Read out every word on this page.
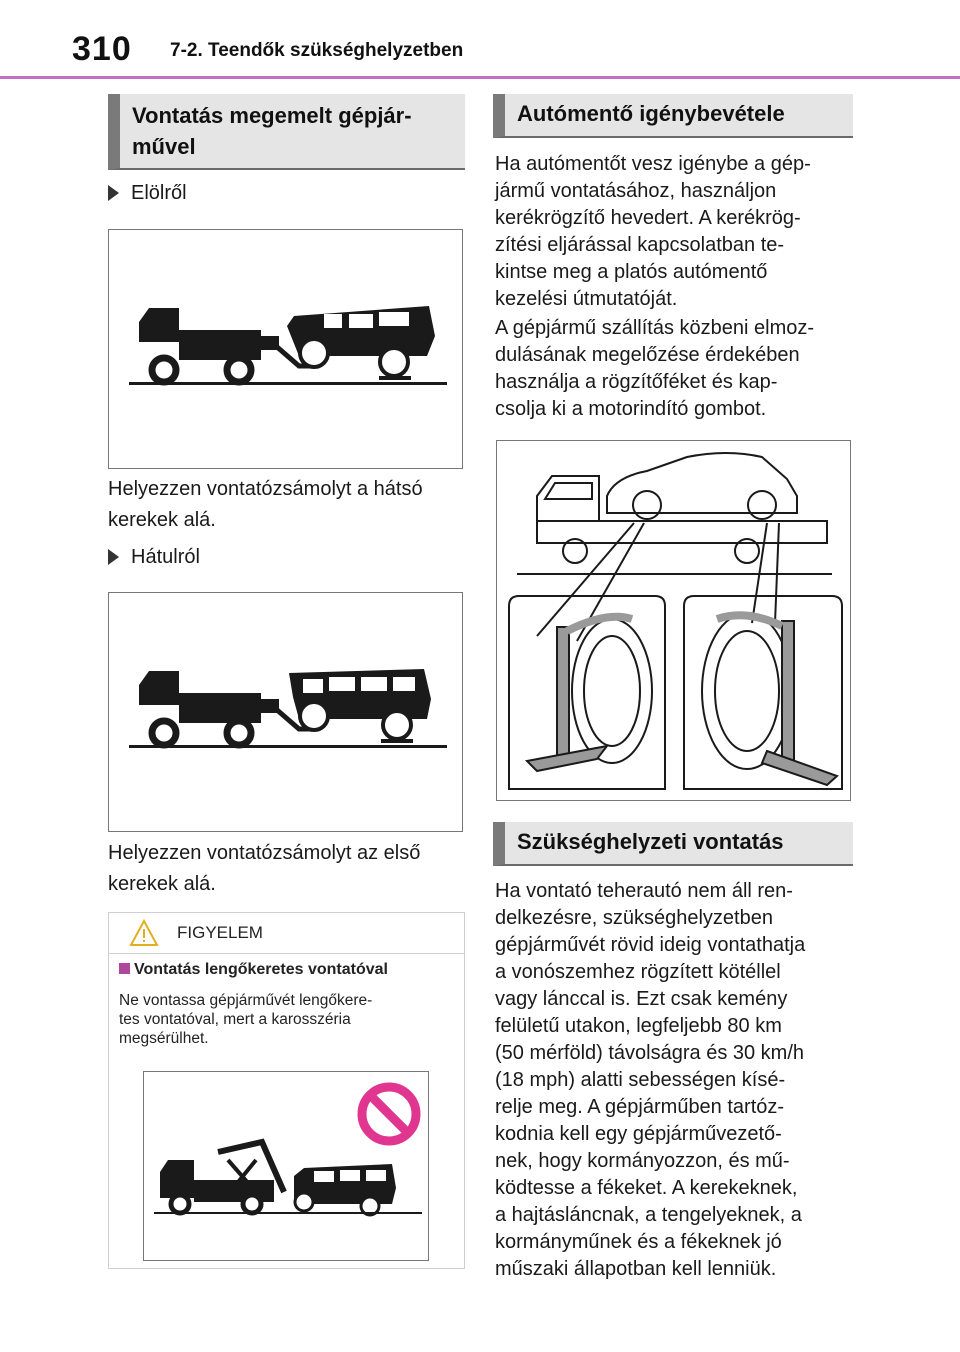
310 7-2. Teendők szükséghelyzetben
Vontatás megemelt gépjár-
művel
Elölről
Helyezzen vontatózsámolyt a hátsó
kerekek alá.
Hátulról
Helyezzen vontatózsámolyt az első
kerekek alá.
FIGYELEM
Vontatás lengőkeretes vontatóval
Ne vontassa gépjárművét lengőkere-
tes vontatóval, mert a karosszéria
megsérülhet.
Autómentő igénybevétele
Ha autómentőt vesz igénybe a gép-
jármű vontatásához, használjon
kerékrögzítő hevedert. A kerékrög-
zítési eljárással kapcsolatban te-
kintse meg a platós autómentő
kezelési útmutatóját.
A gépjármű szállítás közbeni elmoz-
dulásának megelőzése érdekében
használja a rögzítőféket és kap-
csolja ki a motorindító gombot.
Szükséghelyzeti vontatás
Ha vontató teherautó nem áll ren-
delkezésre, szükséghelyzetben
gépjárművét rövid ideig vontathatja
a vonószemhez rögzített kötéllel
vagy lánccal is. Ezt csak kemény
felületű utakon, legfeljebb 80 km
(50 mérföld) távolságra és 30 km/h
(18 mph) alatti sebességen kísé-
relje meg. A gépjárműben tartóz-
kodnia kell egy gépjárművezető-
nek, hogy kormányozzon, és mű-
ködtesse a fékeket. A kerekeknek,
a hajtásláncnak, a tengelyeknek, a
kormányműnek és a fékeknek jó
műszaki állapotban kell lenniük.
